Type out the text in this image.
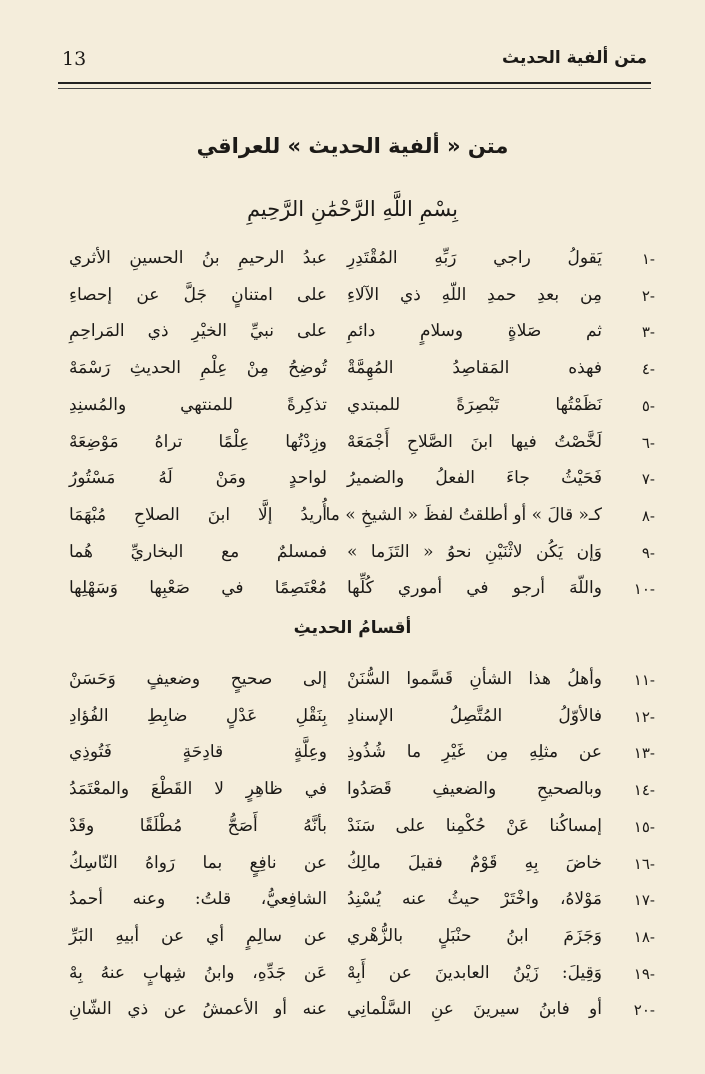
13	متن ألفية الحديث
متن « ألفية الحديث » للعراقي
بِسْمِ اللَّهِ الرَّحْمَٰنِ الرَّحِيمِ
-١
يَقولُ راجي رَبِّهِ المُقْتَدِرِ
عبدُ الرحيمِ بنُ الحسينِ الأثري
-٢
مِن بعدِ حمدِ اللّهِ ذي الآلاءِ
على امتنانٍ جَلَّ عن إحصاءِ
-٣
ثم صَلاةٍ وسلامٍ دائمِ
على نبيِّ الخيْرِ ذي المَراحِمِ
-٤
فهذه المَقاصِدُ المُهِمَّةْ
تُوضِحُ مِنْ عِلْمِ الحديثِ رَسْمَهْ
-٥
نَظَمْتُها تَبْصِرَةً للمبتدي
تذكِرةً للمنتهي والمُسنِدِ
-٦
لَخَّصْتُ فيها ابنَ الصَّلاحِ أَجْمَعَهْ
وزِدْتُها عِلْمًا تراهُ مَوْضِعَهْ
-٧
فَحَيْثُ جاءَ الفعلُ والضميرُ
لواحدٍ ومَنْ لَهُ مَسْتُورُ
-٨
كـ« قالَ » أو أطلقتُ لفظَ « الشيخِ » ما
أُريدُ إلَّا ابنَ الصلاحِ مُبْهَمَا
-٩
وَإن يَكُن لاثْنَيْنِ نحوُ « التَزَما »
فمسلمٌ مع البخاريِّ هُما
-١٠
واللّهَ أرجو في أموري كُلِّها
مُعْتَصِمًا في صَعْبِها وَسَهْلِها
-١١
وأهلُ هذا الشأنِ قَسَّموا السُّنَنْ
إلى صحيحٍ وضعيفٍ وَحَسَنْ
-١٢
فالأوّلُ المُتَّصِلُ الإسنادِ
بِنَقْلِ عَدْلٍ ضابِطِ الفُؤادِ
-١٣
عن مثلِهِ مِن غَيْرِ ما شُذُوذِ
وعِلَّةٍ قادِحَةٍ فَتُوذِي
-١٤
وبالصحيحِ والضعيفِ قَصَدُوا
في ظاهِرٍ لا القَطْعَ والمعْتَمَدُ
-١٥
إمساكُنا عَنْ حُكْمِنا على سَنَدْ
بأنَّهُ أَصَحُّ مُطْلَقًا وقَدْ
-١٦
خاضَ بِهِ قَوْمٌ فقيلَ مالِكُ
عن نافِعٍ بما رَواهُ النّاسِكُ
-١٧
مَوْلاهُ، واخْتَرْ حيثُ عنه يُسْنِدُ
الشافِعيُّ، قلتُ: وعنه أحمدُ
-١٨
وَجَزَمَ ابنُ حنْبَلٍ بالزُّهْري
عن سالِمٍ أي عن أبيهِ البَرِّ
-١٩
وَقِيلَ: زَيْنُ العابدينَ عن أَبِهْ
عَن جَدِّهِ، وابنُ شِهابٍ عنهُ بِهْ
-٢٠
أو فابنُ سيرينَ عنِ السَّلْمانِي
عنه أو الأعمشُ عن ذي الشّانِ
أقسامُ الحديثِ
